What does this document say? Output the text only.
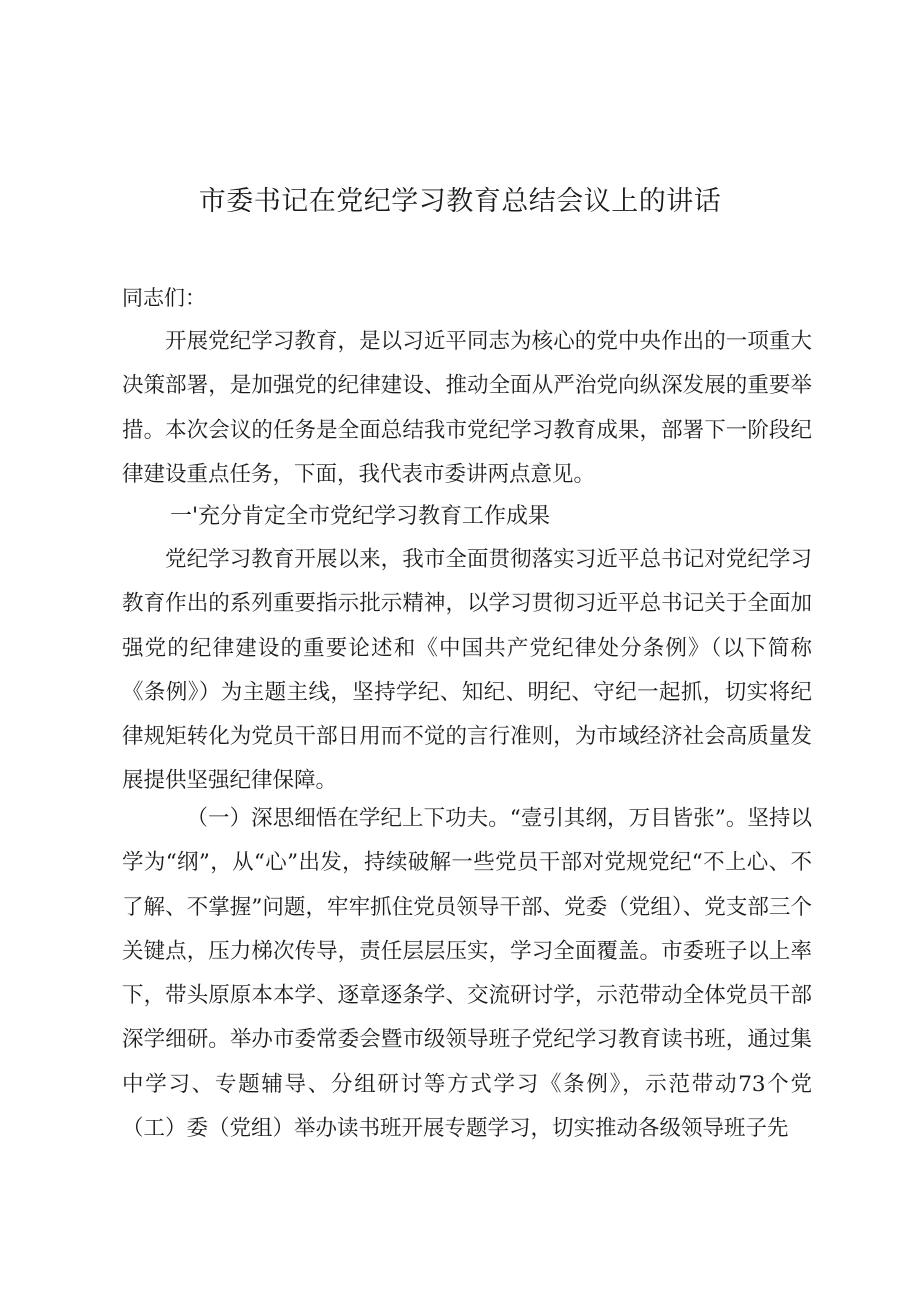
市委书记在党纪学习教育总结会议上的讲话

同志们：

开展党纪学习教育，是以习近平同志为核心的党中央作出的一项重大决策部署，是加强党的纪律建设、推动全面从严治党向纵深发展的重要举措。本次会议的任务是全面总结我市党纪学习教育成果，部署下一阶段纪律建设重点任务，下面，我代表市委讲两点意见。

一'充分肯定全市党纪学习教育工作成果

党纪学习教育开展以来，我市全面贯彻落实习近平总书记对党纪学习教育作出的系列重要指示批示精神，以学习贯彻习近平总书记关于全面加强党的纪律建设的重要论述和《中国共产党纪律处分条例》（以下简称《条例》）为主题主线，坚持学纪、知纪、明纪、守纪一起抓，切实将纪律规矩转化为党员干部日用而不觉的言行准则，为市域经济社会高质量发展提供坚强纪律保障。

（一）深思细悟在学纪上下功夫。“壹引其纲，万目皆张”。坚持以学为“纲”，从“心”出发，持续破解一些党员干部对党规党纪“不上心、不了解、不掌握”问题，牢牢抓住党员领导干部、党委（党组）、党支部三个关键点，压力梯次传导，责任层层压实，学习全面覆盖。市委班子以上率下，带头原原本本学、逐章逐条学、交流研讨学，示范带动全体党员干部深学细研。举办市委常委会暨市级领导班子党纪学习教育读书班，通过集中学习、专题辅导、分组研讨等方式学习《条例》，示范带动73个党（工）委（党组）举办读书班开展专题学习，切实推动各级领导班子先
